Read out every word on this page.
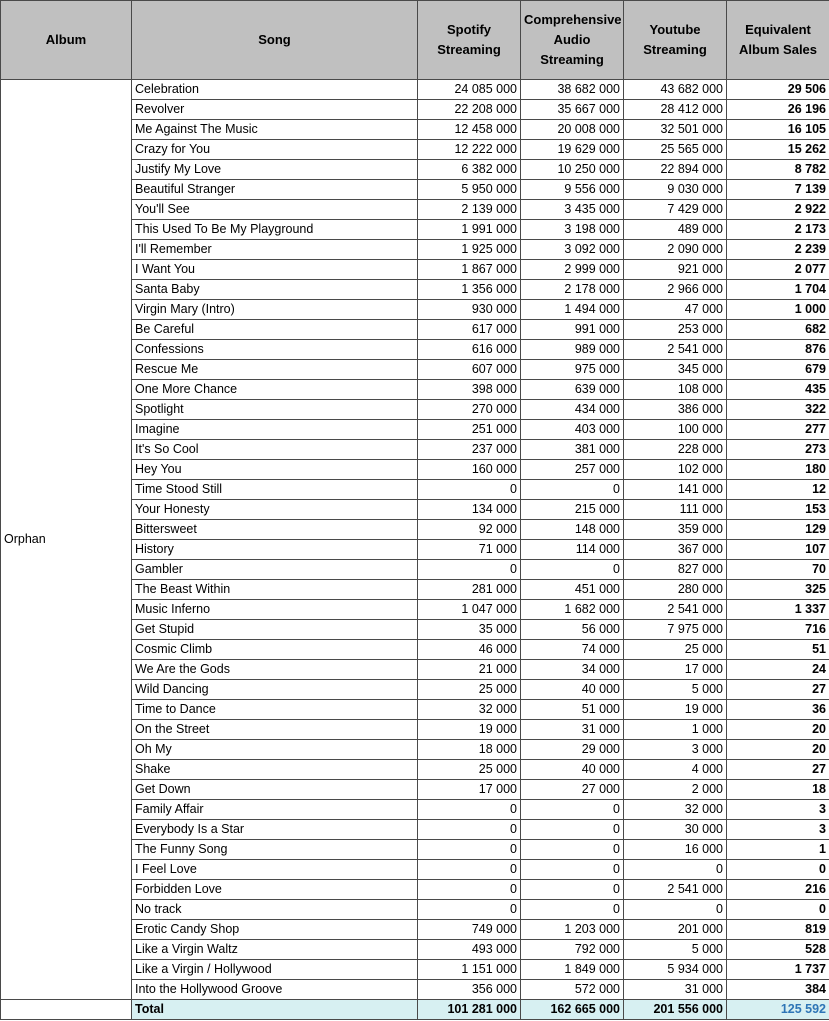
Album	Song	Spotify Streaming	Comprehensive Audio Streaming	Youtube Streaming	Equivalent Album Sales
Orphan	Celebration	24 085 000	38 682 000	43 682 000	29 506
	Revolver	22 208 000	35 667 000	28 412 000	26 196
	Me Against The Music	12 458 000	20 008 000	32 501 000	16 105
	Crazy for You	12 222 000	19 629 000	25 565 000	15 262
	Justify My Love	6 382 000	10 250 000	22 894 000	8 782
	Beautiful Stranger	5 950 000	9 556 000	9 030 000	7 139
	You'll See	2 139 000	3 435 000	7 429 000	2 922
	This Used To Be My Playground	1 991 000	3 198 000	489 000	2 173
	I'll Remember	1 925 000	3 092 000	2 090 000	2 239
	I Want You	1 867 000	2 999 000	921 000	2 077
	Santa Baby	1 356 000	2 178 000	2 966 000	1 704
	Virgin Mary (Intro)	930 000	1 494 000	47 000	1 000
	Be Careful	617 000	991 000	253 000	682
	Confessions	616 000	989 000	2 541 000	876
	Rescue Me	607 000	975 000	345 000	679
	One More Chance	398 000	639 000	108 000	435
	Spotlight	270 000	434 000	386 000	322
	Imagine	251 000	403 000	100 000	277
	It's So Cool	237 000	381 000	228 000	273
	Hey You	160 000	257 000	102 000	180
	Time Stood Still	0	0	141 000	12
	Your Honesty	134 000	215 000	111 000	153
	Bittersweet	92 000	148 000	359 000	129
	History	71 000	114 000	367 000	107
	Gambler	0	0	827 000	70
	The Beast Within	281 000	451 000	280 000	325
	Music Inferno	1 047 000	1 682 000	2 541 000	1 337
	Get Stupid	35 000	56 000	7 975 000	716
	Cosmic Climb	46 000	74 000	25 000	51
	We Are the Gods	21 000	34 000	17 000	24
	Wild Dancing	25 000	40 000	5 000	27
	Time to Dance	32 000	51 000	19 000	36
	On the Street	19 000	31 000	1 000	20
	Oh My	18 000	29 000	3 000	20
	Shake	25 000	40 000	4 000	27
	Get Down	17 000	27 000	2 000	18
	Family Affair	0	0	32 000	3
	Everybody Is a Star	0	0	30 000	3
	The Funny Song	0	0	16 000	1
	I Feel Love	0	0	0	0
	Forbidden Love	0	0	2 541 000	216
	No track	0	0	0	0
	Erotic Candy Shop	749 000	1 203 000	201 000	819
	Like a Virgin Waltz	493 000	792 000	5 000	528
	Like a Virgin / Hollywood	1 151 000	1 849 000	5 934 000	1 737
	Into the Hollywood Groove	356 000	572 000	31 000	384
	Total	101 281 000	162 665 000	201 556 000	125 592
